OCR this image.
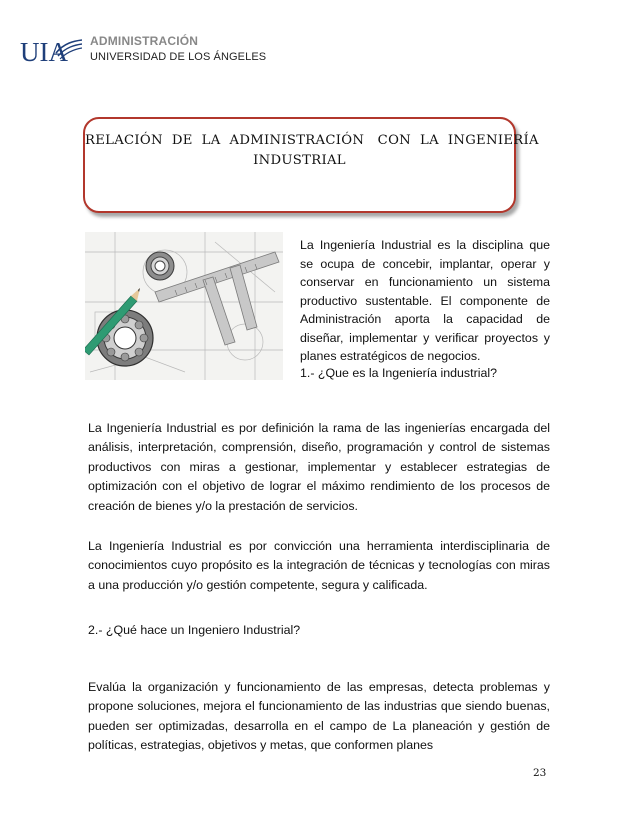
UIA ADMINISTRACIÓN
UNIVERSIDAD DE LOS ÁNGELES
RELACIÓN  DE  LA  ADMINISTRACIÓN   CON  LA  INGENIERÍA
INDUSTRIAL
La Ingeniería Industrial es la disciplina que se ocupa de concebir, implantar, operar y conservar en funcionamiento un sistema productivo sustentable. El componente de Administración aporta la capacidad de diseñar, implementar y verificar proyectos y planes estratégicos de negocios.
1.- ¿Que es la Ingeniería industrial?
La Ingeniería Industrial es por definición la rama de las ingenierías encargada del análisis, interpretación, comprensión, diseño, programación y control de sistemas productivos con miras a gestionar, implementar y establecer estrategias de optimización con el objetivo de lograr el máximo rendimiento de los procesos de creación de bienes y/o la prestación de servicios.
La Ingeniería Industrial es por convicción una herramienta interdisciplinaria de conocimientos cuyo propósito es la integración de técnicas y tecnologías con miras a una producción y/o gestión competente, segura y calificada.
2.- ¿Qué hace un Ingeniero Industrial?
Evalúa la organización y funcionamiento de las empresas, detecta problemas y propone soluciones, mejora el funcionamiento de las industrias que siendo buenas, pueden ser optimizadas, desarrolla en el campo de La planeación y gestión de políticas, estrategias, objetivos y metas, que conformen planes
23
